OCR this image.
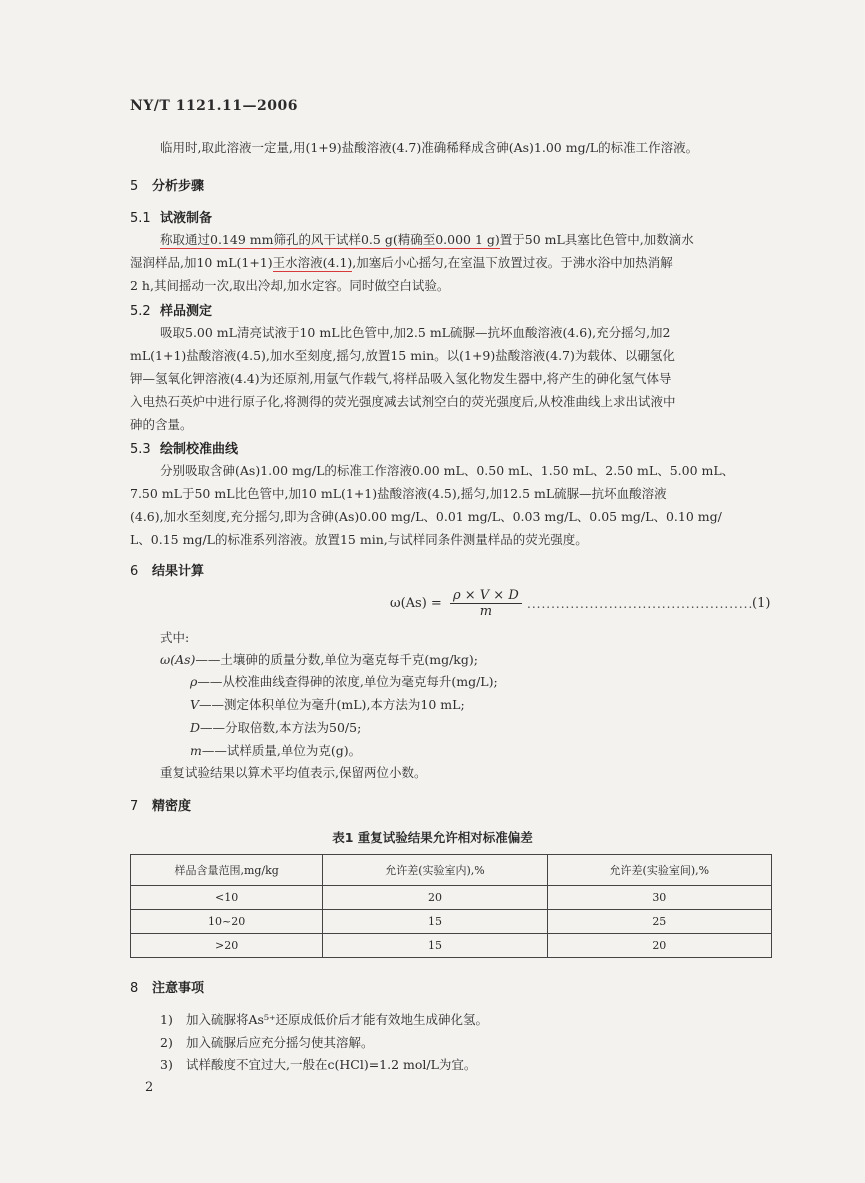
NY/T 1121.11—2006
临用时,取此溶液一定量,用(1+9)盐酸溶液(4.7)准确稀释成含砷(As)1.00 mg/L的标准工作溶液。
5 分析步骤
5.1 试液制备
称取通过0.149 mm筛孔的风干试样0.5 g(精确至0.000 1 g)置于50 mL具塞比色管中,加数滴水
湿润样品,加10 mL(1+1)王水溶液(4.1),加塞后小心摇匀,在室温下放置过夜。于沸水浴中加热消解
2 h,其间摇动一次,取出冷却,加水定容。同时做空白试验。
5.2 样品测定
吸取5.00 mL清亮试液于10 mL比色管中,加2.5 mL硫脲—抗坏血酸溶液(4.6),充分摇匀,加2
mL(1+1)盐酸溶液(4.5),加水至刻度,摇匀,放置15 min。以(1+9)盐酸溶液(4.7)为载体、以硼氢化
钾—氢氧化钾溶液(4.4)为还原剂,用氩气作载气,将样品吸入氢化物发生器中,将产生的砷化氢气体导
入电热石英炉中进行原子化,将测得的荧光强度减去试剂空白的荧光强度后,从校准曲线上求出试液中
砷的含量。
5.3 绘制校准曲线
分别吸取含砷(As)1.00 mg/L的标准工作溶液0.00 mL、0.50 mL、1.50 mL、2.50 mL、5.00 mL、
7.50 mL于50 mL比色管中,加10 mL(1+1)盐酸溶液(4.5),摇匀,加12.5 mL硫脲—抗坏血酸溶液
(4.6),加水至刻度,充分摇匀,即为含砷(As)0.00 mg/L、0.01 mg/L、0.03 mg/L、0.05 mg/L、0.10 mg/
L、0.15 mg/L的标准系列溶液。放置15 min,与试样同条件测量样品的荧光强度。
6 结果计算
$\omega(As) = \frac{\rho \times V \times D}{m}$ ...............................................
(1)
式中:
ω(As)——土壤砷的质量分数,单位为毫克每千克(mg/kg);
ρ——从校准曲线查得砷的浓度,单位为毫克每升(mg/L);
V——测定体积单位为毫升(mL),本方法为10 mL;
D——分取倍数,本方法为50/5;
m——试样质量,单位为克(g)。
重复试验结果以算术平均值表示,保留两位小数。
7 精密度
表1 重复试验结果允许相对标准偏差
样品含量范围,mg/kg	允许差(实验室内),%	允许差(实验室间),%
<10	20	30
10~20	15	25
>20	15	20
8 注意事项
1) 加入硫脲将As⁵⁺还原成低价后才能有效地生成砷化氢。
2) 加入硫脲后应充分摇匀使其溶解。
3) 试样酸度不宜过大,一般在c(HCl)=1.2 mol/L为宜。
2
